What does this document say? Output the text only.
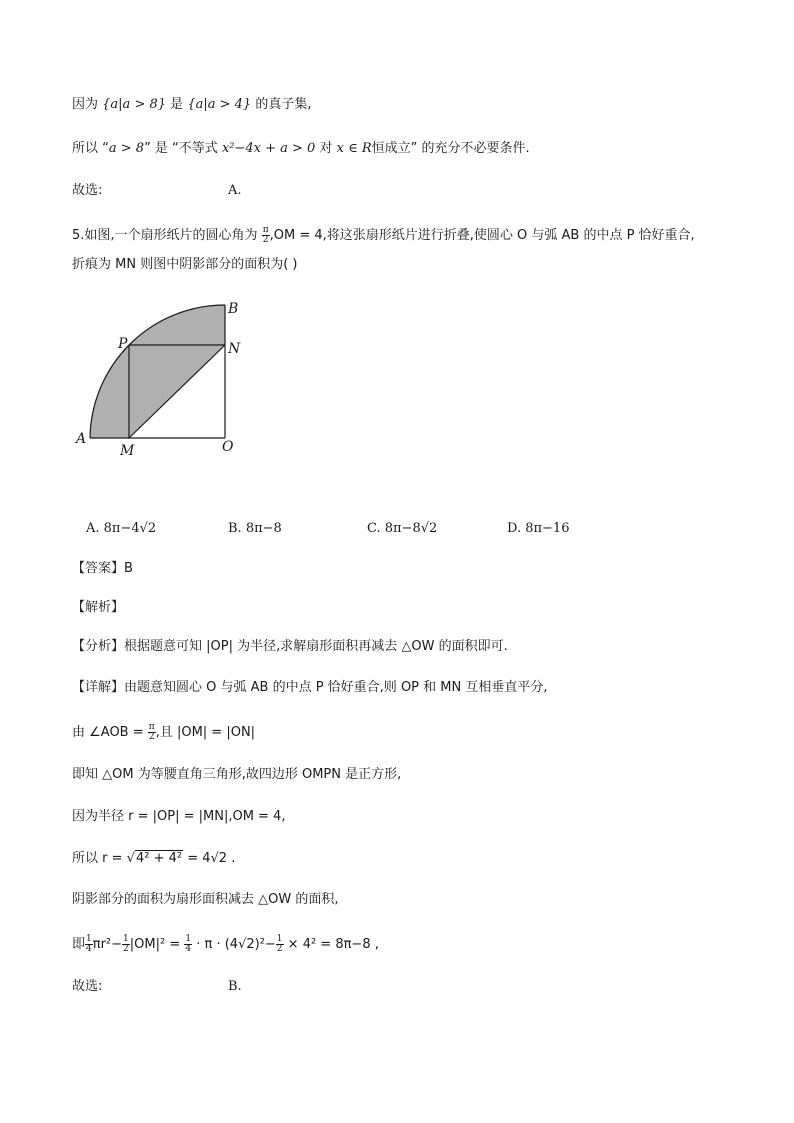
因为 {a|a > 8} 是 {a|a > 4} 的真子集,
所以 “a > 8” 是 “不等式 x²−4x + a > 0 对 x ∈ R恒成立” 的充分不必要条件.
故选:	A.
5.如图,一个扇形纸片的圆心角为 $\frac{\pi}{2} ,OM = 4$,将这张扇形纸片进行折叠,使圆心 O 与弧 AB 的中点 P 恰好重合,
折痕为 MN 则图中阴影部分的面积为( )
A
B
P	N
M	O
A. 8π−4√2	B. 8π−8	C. 8π−8√2	D. 8π−16
【答案】B
【解析】
【分析】根据题意可知 |OP| 为半径,求解扇形面积再减去 △OW 的面积即可.
【详解】由题意知圆心 O 与弧 AB 的中点 P 恰好重合,则 OP 和 MN 互相垂直平分,
由 ∠AOB = $\frac{\pi}{2}$ ,且 |OM| = |ON|
即知 △OM 为等腰直角三角形,故四边形 OMPN 是正方形,
因为半径 r = |OP| = |MN|,OM = 4,
所以 r = √4² + 4² = 4√2 .
阴影部分的面积为扇形面积减去 △OW 的面积,
即 $\frac{1}{4} \pi r^2- \frac{1}{2} |OM|^2 = \frac{1}{4} \cdot \pi \cdot (4√2)^2- \frac{1}{2} \times 4^2 = 8\pi-8$ ,
故选:	B.
